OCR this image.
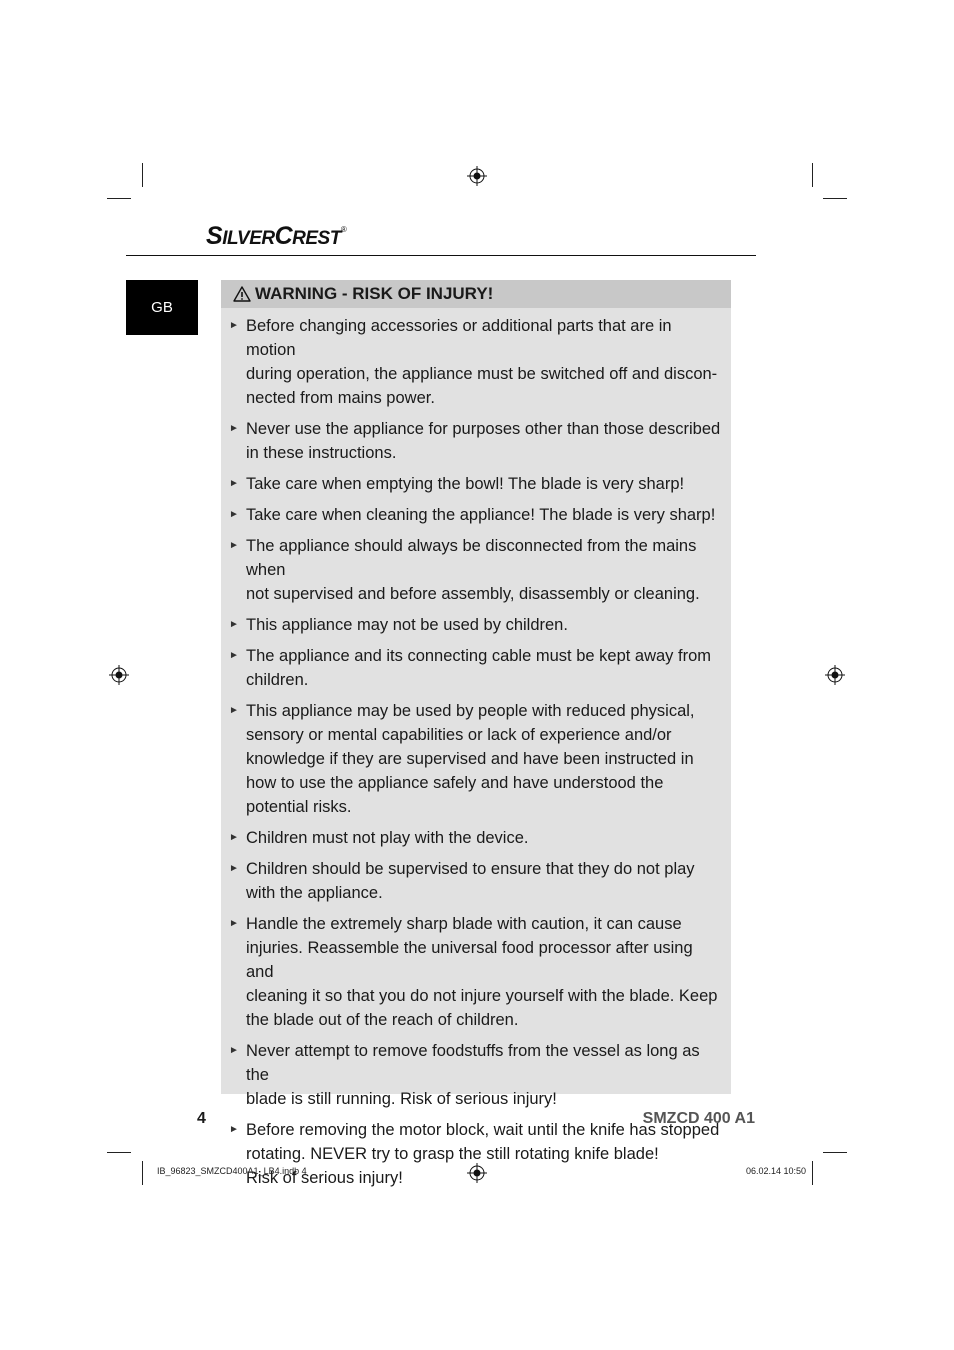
SILVERCREST®
GB
WARNING - RISK OF INJURY!
► Before changing accessories or additional parts that are in motion
during operation, the appliance must be switched off and discon-
nected from mains power.
► Never use the appliance for purposes other than those described
in these instructions.
► Take care when emptying the bowl! The blade is very sharp!
► Take care when cleaning the appliance! The blade is very sharp!
► The appliance should always be disconnected from the mains when
not supervised and before assembly, disassembly or cleaning.
► This appliance may not be used by children.
► The appliance and its connecting cable must be kept away from
children.
► This appliance may be used by people with reduced physical,
sensory or mental capabilities or lack of experience and/or
knowledge if they are supervised and have been instructed in
how to use the appliance safely and have understood the
potential risks.
► Children must not play with the device.
► Children should be supervised to ensure that they do not play
with the appliance.
► Handle the extremely sharp blade with caution, it can cause
injuries. Reassemble the universal food processor after using and
cleaning it so that you do not injure yourself with the blade. Keep
the blade out of the reach of children.
► Never attempt to remove foodstuffs from the vessel as long as the
blade is still running. Risk of serious injury!
► Before removing the motor block, wait until the knife has stopped
rotating. NEVER try to grasp the still rotating knife blade!
Risk of serious injury!
4	SMZCD 400 A1
IB_96823_SMZCD400A1_LB4.indb 4	06.02.14 10:50
